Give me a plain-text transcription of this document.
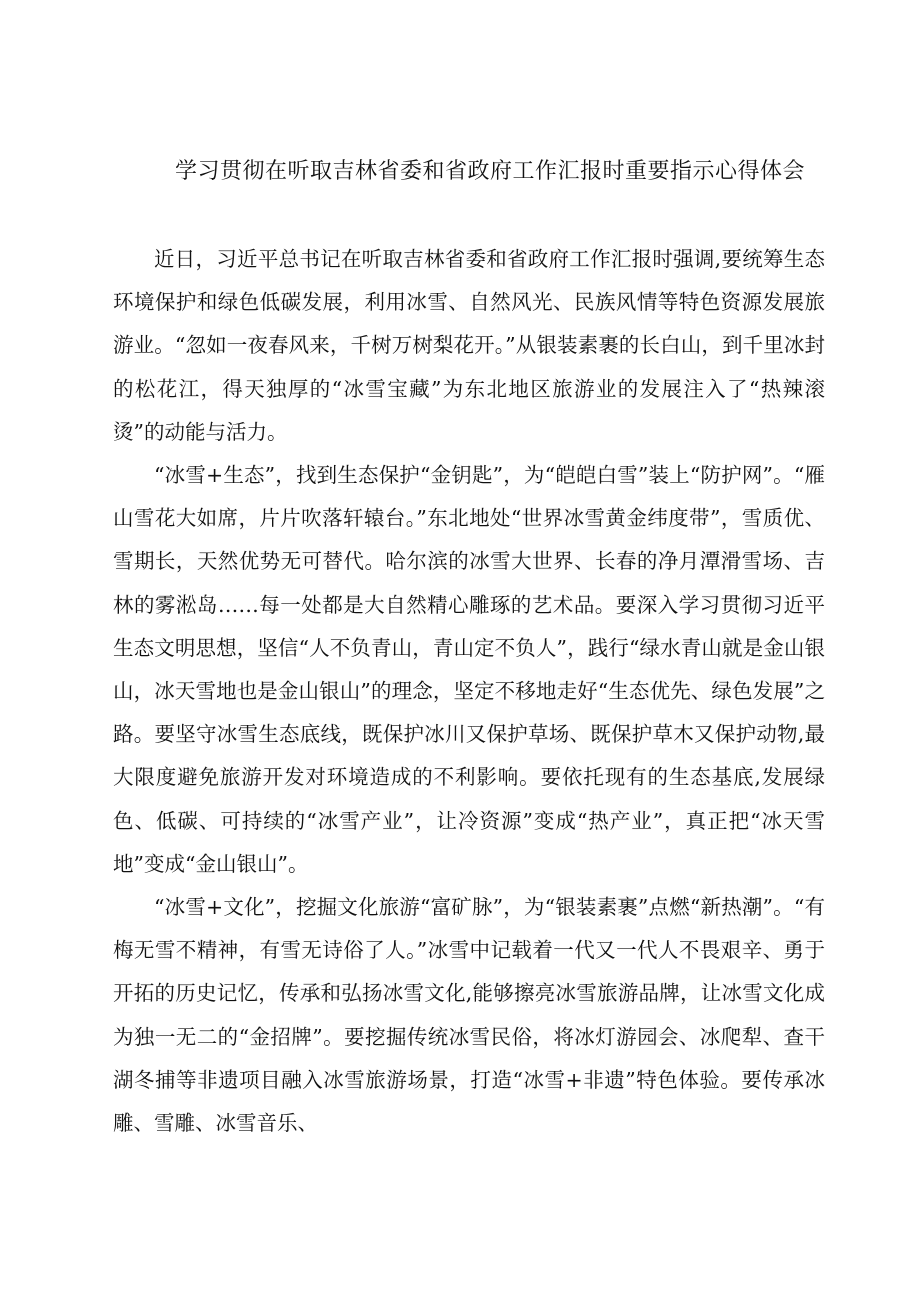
学习贯彻在听取吉林省委和省政府工作汇报时重要指示心得体会

近日，习近平总书记在听取吉林省委和省政府工作汇报时强调,要统筹生态环境保护和绿色低碳发展，利用冰雪、自然风光、民族风情等特色资源发展旅游业。“忽如一夜春风来，千树万树梨花开。”从银装素裹的长白山，到千里冰封的松花江，得天独厚的“冰雪宝藏”为东北地区旅游业的发展注入了“热辣滚烫”的动能与活力。

“冰雪+生态”，找到生态保护“金钥匙”，为“皑皑白雪”装上“防护网”。“雁山雪花大如席，片片吹落轩辕台。”东北地处“世界冰雪黄金纬度带”，雪质优、雪期长，天然优势无可替代。哈尔滨的冰雪大世界、长春的净月潭滑雪场、吉林的雾淞岛……每一处都是大自然精心雕琢的艺术品。要深入学习贯彻习近平生态文明思想，坚信“人不负青山，青山定不负人”，践行“绿水青山就是金山银山，冰天雪地也是金山银山”的理念，坚定不移地走好“生态优先、绿色发展”之路。要坚守冰雪生态底线，既保护冰川又保护草场、既保护草木又保护动物,最大限度避免旅游开发对环境造成的不利影响。要依托现有的生态基底,发展绿色、低碳、可持续的“冰雪产业”，让冷资源”变成“热产业”，真正把“冰天雪地”变成“金山银山”。

“冰雪+文化”，挖掘文化旅游“富矿脉”，为“银装素裹”点燃“新热潮”。“有梅无雪不精神，有雪无诗俗了人。”冰雪中记载着一代又一代人不畏艰辛、勇于开拓的历史记忆，传承和弘扬冰雪文化,能够擦亮冰雪旅游品牌，让冰雪文化成为独一无二的“金招牌”。要挖掘传统冰雪民俗，将冰灯游园会、冰爬犁、查干湖冬捕等非遗项目融入冰雪旅游场景，打造“冰雪+非遗”特色体验。要传承冰雕、雪雕、冰雪音乐、
